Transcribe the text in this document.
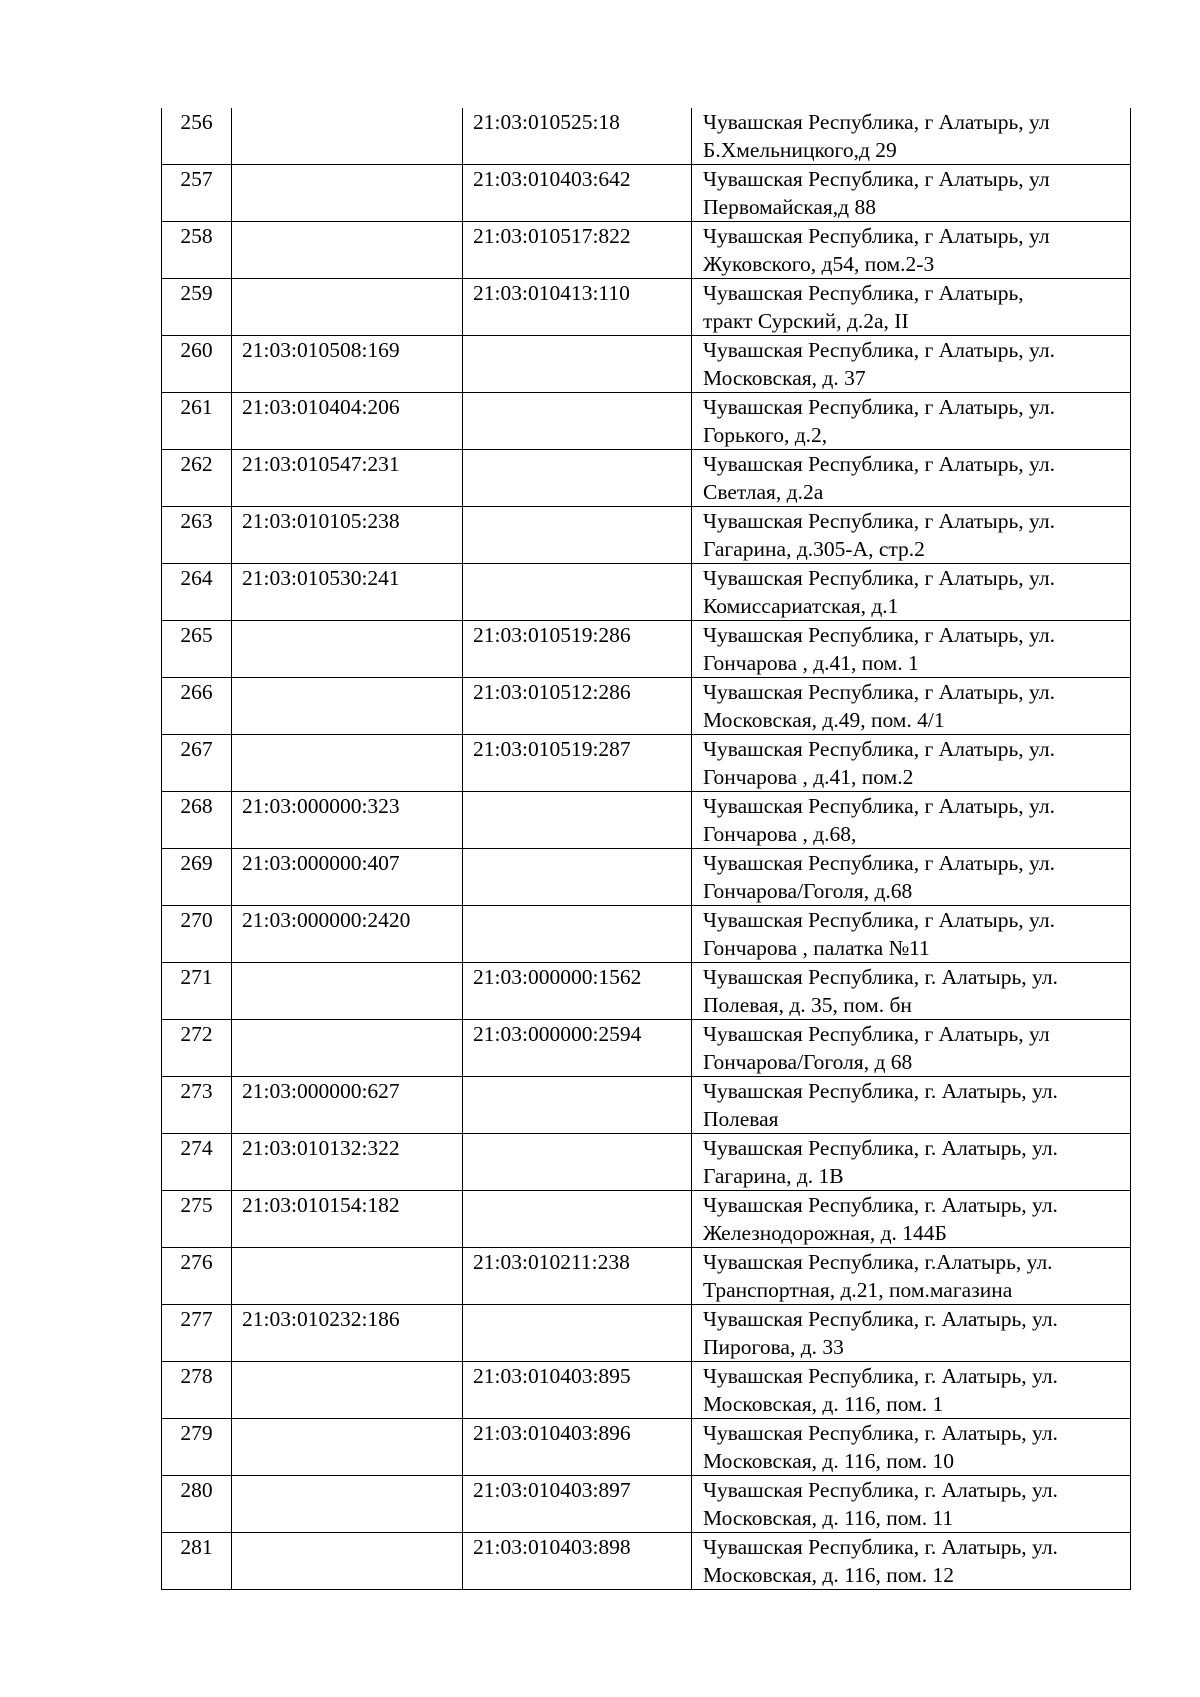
256		21:03:010525:18	Чувашская Республика, г Алатырь, ул
Б.Хмельницкого,д 29

257		21:03:010403:642	Чувашская Республика, г Алатырь, ул
Первомайская,д 88

258		21:03:010517:822	Чувашская Республика, г Алатырь, ул
Жуковского, д54, пом.2-3

259		21:03:010413:110	Чувашская Республика, г Алатырь,
тракт Сурский, д.2а, II

260	21:03:010508:169		Чувашская Республика, г Алатырь, ул.
Московская, д. 37

261	21:03:010404:206		Чувашская Республика, г Алатырь, ул.
Горького, д.2,

262	21:03:010547:231		Чувашская Республика, г Алатырь, ул.
Светлая, д.2а

263	21:03:010105:238		Чувашская Республика, г Алатырь, ул.
Гагарина, д.305-А, стр.2

264	21:03:010530:241		Чувашская Республика, г Алатырь, ул.
Комиссариатская, д.1

265		21:03:010519:286	Чувашская Республика, г Алатырь, ул.
Гончарова , д.41, пом. 1

266		21:03:010512:286	Чувашская Республика, г Алатырь, ул.
Московская, д.49, пом. 4/1

267		21:03:010519:287	Чувашская Республика, г Алатырь, ул.
Гончарова , д.41, пом.2

268	21:03:000000:323		Чувашская Республика, г Алатырь, ул.
Гончарова , д.68,

269	21:03:000000:407		Чувашская Республика, г Алатырь, ул.
Гончарова/Гоголя, д.68

270	21:03:000000:2420		Чувашская Республика, г Алатырь, ул.
Гончарова , палатка №11

271		21:03:000000:1562	Чувашская Республика, г. Алатырь, ул.
Полевая, д. 35, пом. бн

272		21:03:000000:2594	Чувашская Республика, г Алатырь, ул
Гончарова/Гоголя, д 68

273	21:03:000000:627		Чувашская Республика, г. Алатырь, ул.
Полевая

274	21:03:010132:322		Чувашская Республика, г. Алатырь, ул.
Гагарина, д. 1В

275	21:03:010154:182		Чувашская Республика, г. Алатырь, ул.
Железнодорожная, д. 144Б

276		21:03:010211:238	Чувашская Республика, г.Алатырь, ул.
Транспортная, д.21, пом.магазина

277	21:03:010232:186		Чувашская Республика, г. Алатырь, ул.
Пирогова, д. 33

278		21:03:010403:895	Чувашская Республика, г. Алатырь, ул.
Московская, д. 116, пом. 1

279		21:03:010403:896	Чувашская Республика, г. Алатырь, ул.
Московская, д. 116, пом. 10

280		21:03:010403:897	Чувашская Республика, г. Алатырь, ул.
Московская, д. 116, пом. 11

281		21:03:010403:898	Чувашская Республика, г. Алатырь, ул.
Московская, д. 116, пом. 12
